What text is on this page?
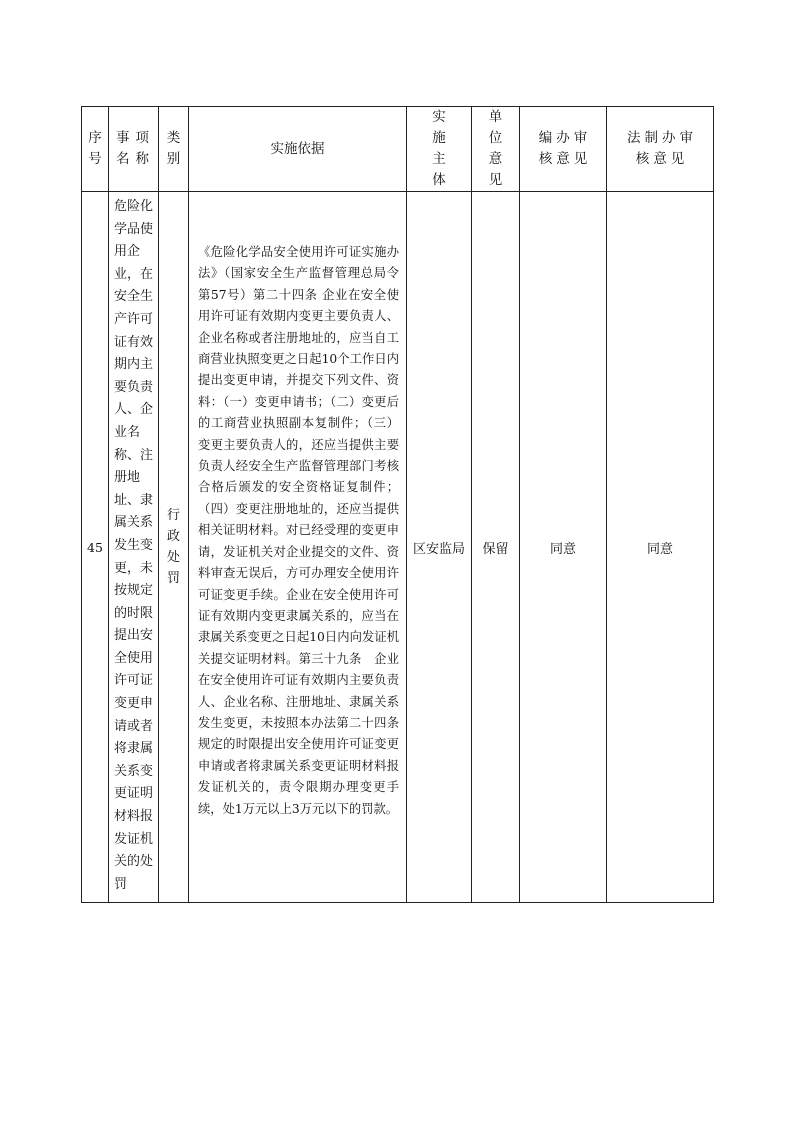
序号	事项名称	类别	实施依据	实施主体	单位意见	编办审核意见	法制办审核意见

45	危险化学品使用企业，在安全生产许可证有效期内主要负责人、企业名称、注册地址、隶属关系发生变更，未按规定的时限提出安全使用许可证变更申请或者将隶属关系变更证明材料报发证机关的处罚	行政处罚	《危险化学品安全使用许可证实施办法》（国家安全生产监督管理总局令第57号）第二十四条 企业在安全使用许可证有效期内变更主要负责人、企业名称或者注册地址的，应当自工商营业执照变更之日起10个工作日内提出变更申请，并提交下列文件、资料：（一）变更申请书；（二）变更后的工商营业执照副本复制件；（三）变更主要负责人的，还应当提供主要负责人经安全生产监督管理部门考核合格后颁发的安全资格证复制件；（四）变更注册地址的，还应当提供相关证明材料。对已经受理的变更申请，发证机关对企业提交的文件、资料审查无误后，方可办理安全使用许可证变更手续。企业在安全使用许可证有效期内变更隶属关系的，应当在隶属关系变更之日起10日内向发证机关提交证明材料。第三十九条　企业在安全使用许可证有效期内主要负责人、企业名称、注册地址、隶属关系发生变更，未按照本办法第二十四条规定的时限提出安全使用许可证变更申请或者将隶属关系变更证明材料报发证机关的，责令限期办理变更手续，处1万元以上3万元以下的罚款。	区安监局	保留	同意	同意
